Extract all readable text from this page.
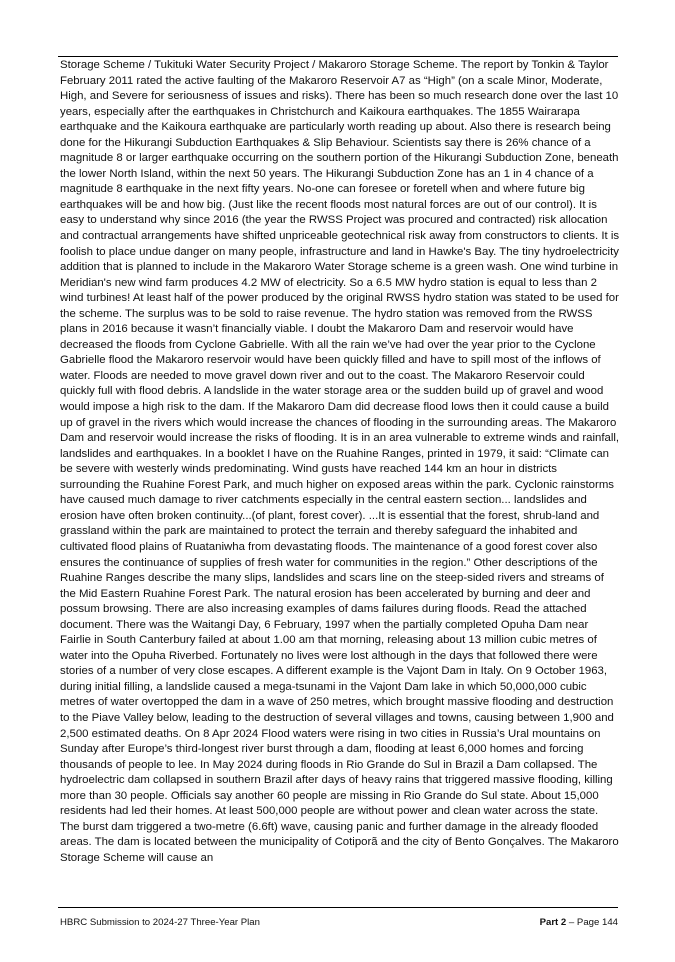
Storage Scheme / Tukituki Water Security Project / Makaroro Storage Scheme. The report by Tonkin & Taylor February 2011 rated the active faulting of the Makaroro Reservoir A7 as “High” (on a scale Minor, Moderate, High, and Severe for seriousness of issues and risks). There has been so much research done over the last 10 years, especially after the earthquakes in Christchurch and Kaikoura earthquakes. The 1855 Wairarapa earthquake and the Kaikoura earthquake are particularly worth reading up about. Also there is research being done for the Hikurangi Subduction Earthquakes & Slip Behaviour. Scientists say there is 26% chance of a magnitude 8 or larger earthquake occurring on the southern portion of the Hikurangi Subduction Zone, beneath the lower North Island, within the next 50 years. The Hikurangi Subduction Zone has an 1 in 4 chance of a magnitude 8 earthquake in the next fifty years. No-one can foresee or foretell when and where future big earthquakes will be and how big. (Just like the recent floods most natural forces are out of our control). It is easy to understand why since 2016 (the year the RWSS Project was procured and contracted) risk allocation and contractual arrangements have shifted unpriceable geotechnical risk away from constructors to clients. It is foolish to place undue danger on many people, infrastructure and land in Hawke's Bay. The tiny hydroelectricity addition that is planned to include in the Makaroro Water Storage scheme is a green wash. One wind turbine in Meridian's new wind farm produces 4.2 MW of electricity. So a 6.5 MW hydro station is equal to less than 2 wind turbines! At least half of the power produced by the original RWSS hydro station was stated to be used for the scheme. The surplus was to be sold to raise revenue. The hydro station was removed from the RWSS plans in 2016 because it wasn’t financially viable. I doubt the Makaroro Dam and reservoir would have decreased the floods from Cyclone Gabrielle. With all the rain we’ve had over the year prior to the Cyclone Gabrielle flood the Makaroro reservoir would have been quickly filled and have to spill most of the inflows of water. Floods are needed to move gravel down river and out to the coast. The Makaroro Reservoir could quickly full with flood debris. A landslide in the water storage area or the sudden build up of gravel and wood would impose a high risk to the dam. If the Makaroro Dam did decrease flood lows then it could cause a build up of gravel in the rivers which would increase the chances of flooding in the surrounding areas. The Makaroro Dam and reservoir would increase the risks of flooding. It is in an area vulnerable to extreme winds and rainfall, landslides and earthquakes. In a booklet I have on the Ruahine Ranges, printed in 1979, it said: “Climate can be severe with westerly winds predominating. Wind gusts have reached 144 km an hour in districts surrounding the Ruahine Forest Park, and much higher on exposed areas within the park. Cyclonic rainstorms have caused much damage to river catchments especially in the central eastern section... landslides and erosion have often broken continuity...(of plant, forest cover). ...It is essential that the forest, shrub-land and grassland within the park are maintained to protect the terrain and thereby safeguard the inhabited and cultivated flood plains of Ruataniwha from devastating floods. The maintenance of a good forest cover also ensures the continuance of supplies of fresh water for communities in the region.” Other descriptions of the Ruahine Ranges describe the many slips, landslides and scars line on the steep-sided rivers and streams of the Mid Eastern Ruahine Forest Park. The natural erosion has been accelerated by burning and deer and possum browsing. There are also increasing examples of dams failures during floods. Read the attached document. There was the Waitangi Day, 6 February, 1997 when the partially completed Opuha Dam near Fairlie in South Canterbury failed at about 1.00 am that morning, releasing about 13 million cubic metres of water into the Opuha Riverbed. Fortunately no lives were lost although in the days that followed there were stories of a number of very close escapes. A different example is the Vajont Dam in Italy. On 9 October 1963, during initial filling, a landslide caused a mega-tsunami in the Vajont Dam lake in which 50,000,000 cubic metres of water overtopped the dam in a wave of 250 metres, which brought massive flooding and destruction to the Piave Valley below, leading to the destruction of several villages and towns, causing between 1,900 and 2,500 estimated deaths. On 8 Apr 2024 Flood waters were rising in two cities in Russia’s Ural mountains on Sunday after Europe’s third-longest river burst through a dam, flooding at least 6,000 homes and forcing thousands of people to lee. In May 2024 during floods in Rio Grande do Sul in Brazil a Dam collapsed. The hydroelectric dam collapsed in southern Brazil after days of heavy rains that triggered massive flooding, killing more than 30 people. Officials say another 60 people are missing in Rio Grande do Sul state. About 15,000 residents had led their homes. At least 500,000 people are without power and clean water across the state. The burst dam triggered a two-metre (6.6ft) wave, causing panic and further damage in the already flooded areas. The dam is located between the municipality of Cotiporã and the city of Bento Gonçalves. The Makaroro Storage Scheme will cause an

HBRC Submission to 2024-27 Three-Year Plan	Part 2 – Page 144
